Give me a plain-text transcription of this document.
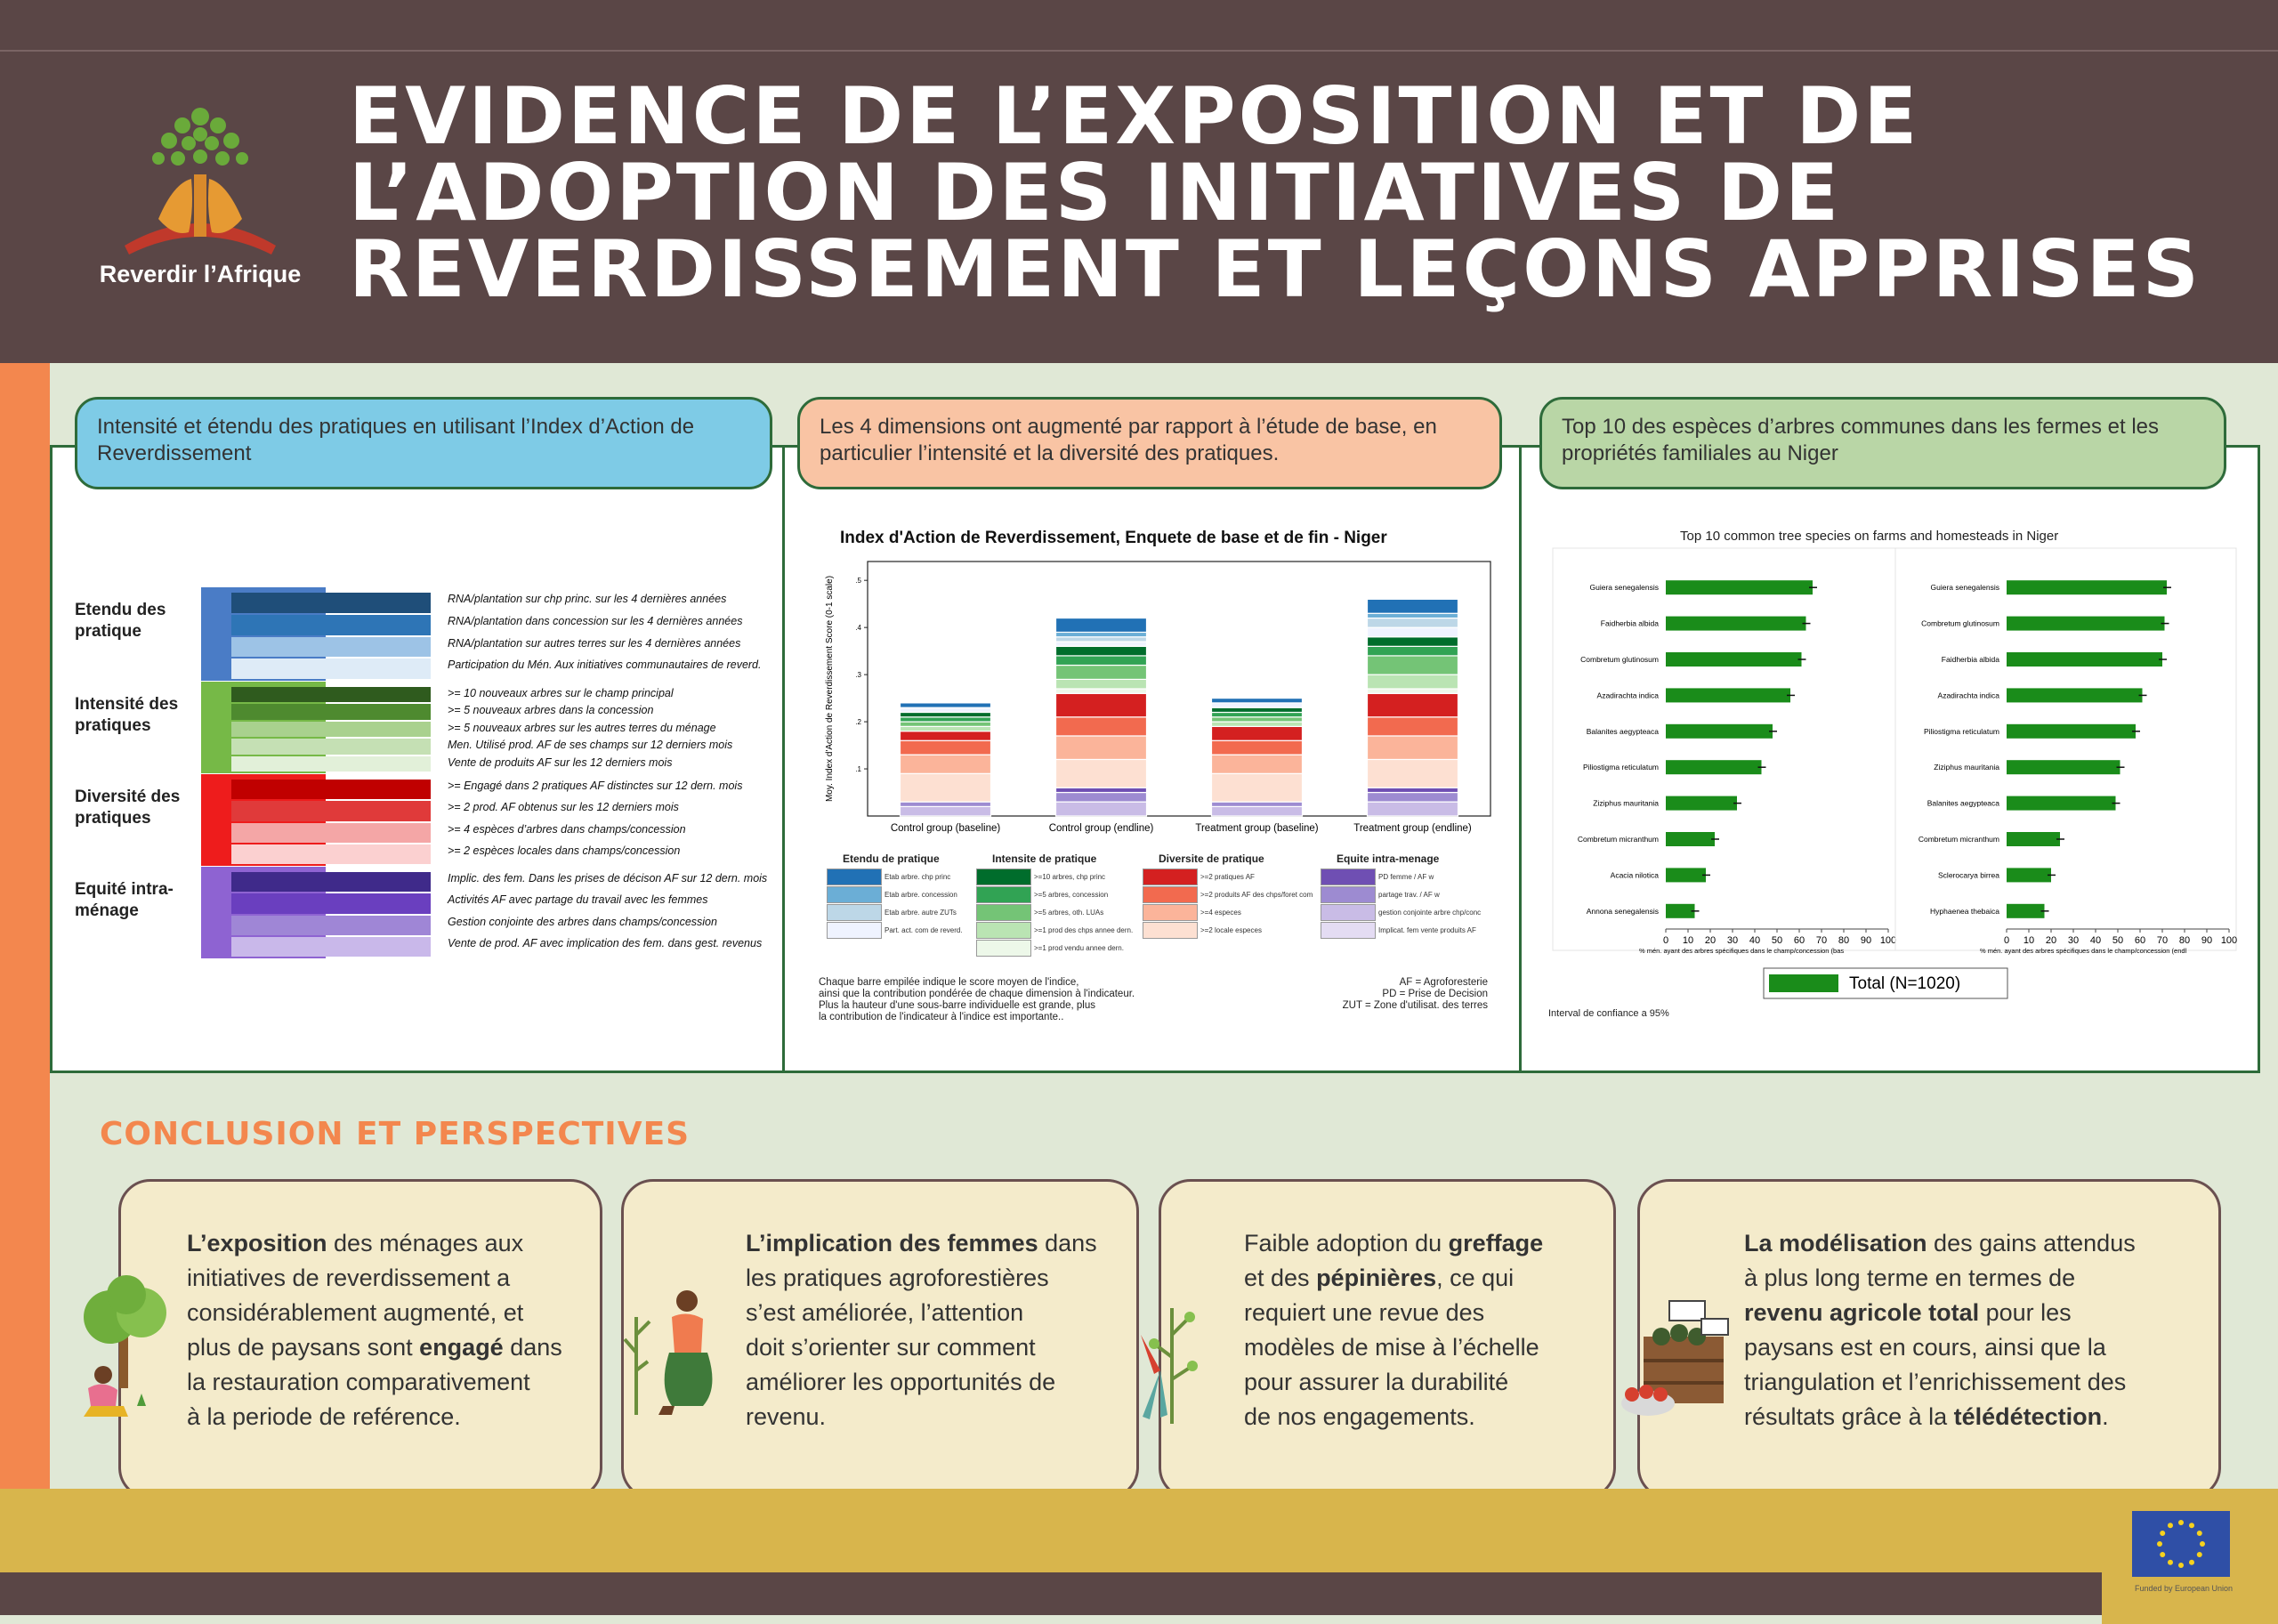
Reverdir l’Afrique
EVIDENCE DE L’EXPOSITION ET DE
L’ADOPTION DES INITIATIVES DE
REVERDISSEMENT ET LEÇONS APPRISES
Intensité et étendu des pratiques en utilisant l’Index d’Action de Reverdissement
Les 4 dimensions ont augmenté par rapport à l’étude de base, en particulier l’intensité et la diversité des pratiques.
Top 10 des espèces d’arbres communes dans les fermes et les propriétés familiales au Niger
Etendu des pratique
RNA/plantation sur chp princ. sur les 4 dernières années
RNA/plantation dans concession sur les 4 dernières années
RNA/plantation sur autres terres sur les 4 dernières années
Participation du Mén. Aux initiatives communautaires de reverd.
Intensité des pratiques
>= 10 nouveaux arbres sur le champ principal
>= 5 nouveaux arbres dans la concession
>= 5 nouveaux arbres sur les autres terres du ménage
Men. Utilisé prod. AF de ses champs sur 12 derniers mois
Vente de produits AF sur les 12 derniers mois
Diversité des pratiques
>= Engagé dans 2 pratiques AF distinctes sur 12 dern. mois
>= 2 prod. AF obtenus sur les 12 derniers mois
>= 4 espèces d’arbres dans champs/concession
>= 2 espèces locales dans champs/concession
Equité intra-ménage
Implic. des fem. Dans les prises de décison AF sur 12 dern. mois
Activités AF avec partage du travail avec les femmes
Gestion conjointe des arbres dans champs/concession
Vente de prod. AF avec implication des fem. dans gest. revenus
Index d'Action de Reverdissement, Enquete de base et de fin - Niger
.1
.2
.3
.4
.5
Moy. Index d'Action de Reverdissement Score (0-1 scale)
Control group (baseline)	Control group (endline)	Treatment group (baseline)	Treatment group (endline)
Etendu de pratique
Etab arbre. chp princ
Etab arbre. concession
Etab arbre. autre ZUTs
Part. act. com de reverd.
Intensite de pratique
>=10 arbres, chp princ
>=5 arbres, concession
>=5 arbres, oth. LUAs
>=1 prod des chps annee dern.
>=1 prod vendu annee dern.
Diversite de pratique
>=2 pratiques AF
>=2 produits AF des chps/foret com
>=4 especes
>=2 locale especes
Equite intra-menage
PD femme / AF w
partage trav. / AF w
gestion conjointe arbre chp/conc
Implicat. fem vente produits AF
Chaque barre empilée indique le score moyen de l'indice,
ainsi que la contribution pondérée de chaque dimension à l'indicateur.
Plus la hauteur d'une sous-barre individuelle est grande, plus
la contribution de l'indicateur à l'indice est importante..
AF = Agroforesterie
PD = Prise de Decision
ZUT = Zone d'utilisat. des terres
Top 10 common tree species on farms and homesteads in Niger
0 10 20 30 40 50 60 70 80 90 100
% mén. ayant des arbres spécifiques dans le champ/concession (bas
Guiera senegalensis
Faidherbia albida
Combretum glutinosum
Azadirachta indica
Balanites aegypteaca
Piliostigma reticulatum
Ziziphus mauritania
Combretum micranthum
Acacia nilotica
Annona senegalensis
0 10 20 30 40 50 60 70 80 90 100
% mén. ayant des arbres spécifiques dans le champ/concession (endl
Guiera senegalensis
Combretum glutinosum
Faidherbia albida
Azadirachta indica
Piliostigma reticulatum
Ziziphus mauritania
Balanites aegypteaca
Combretum micranthum
Sclerocarya birrea
Hyphaenea thebaica
Total (N=1020)
Interval de confiance a 95%
CONCLUSION ET PERSPECTIVES
L’exposition des ménages aux
initiatives de reverdissement a
considérablement augmenté, et
plus de paysans sont engagé dans
la restauration comparativement
à la periode de reférence.
L’implication des femmes dans
les pratiques agroforestières
s’est améliorée, l’attention
doit s’orienter sur comment
améliorer les opportunités de
revenu.
Faible adoption du greffage
et des pépinières, ce qui
requiert une revue des
modèles de mise à l’échelle
pour assurer la durabilité
de nos engagements.
La modélisation des gains attendus
à plus long terme en termes de
revenu agricole total pour les
paysans est en cours, ainsi que la
triangulation et l’enrichissement des
résultats grâce à la télédétection.
Funded by European Union
